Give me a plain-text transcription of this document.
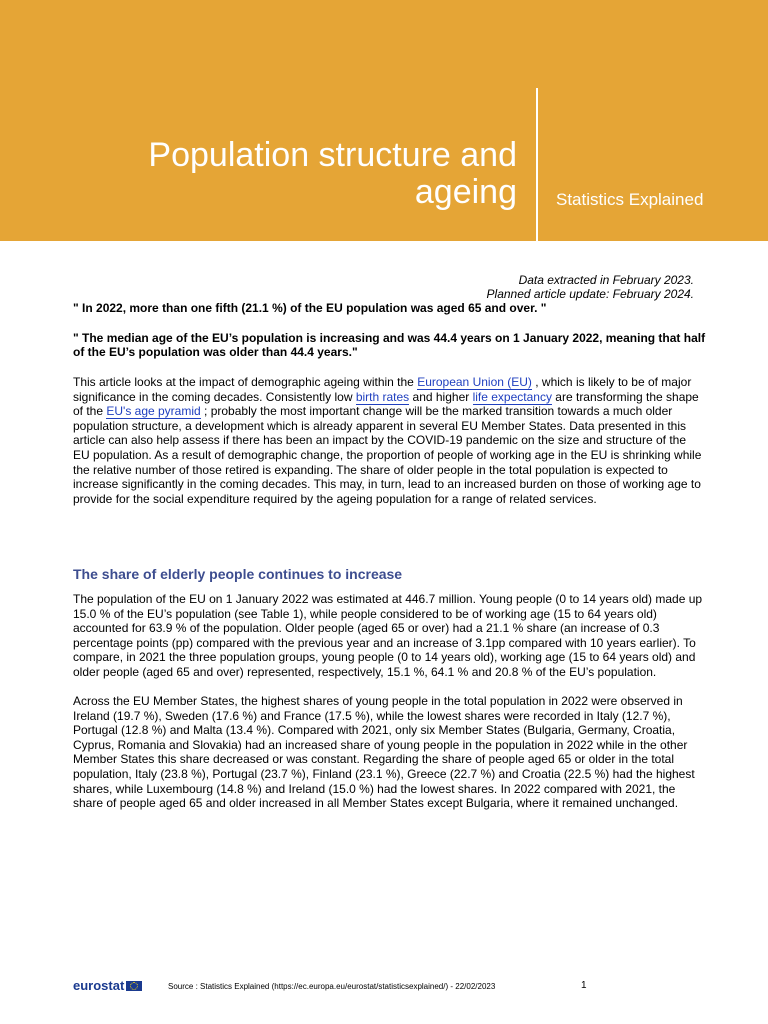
Population structure and
ageing Statistics Explained
Data extracted in February 2023.
Planned article update: February 2024.

" In 2022, more than one fifth (21.1 %) of the EU population was aged 65 and over. "

" The median age of the EU’s population is increasing and was 44.4 years on 1 January 2022, meaning that half of the EU’s population was older than 44.4 years."

This article looks at the impact of demographic ageing within the European Union (EU) , which is likely to be of major significance in the coming decades. Consistently low birth rates and higher life expectancy are transforming the shape of the EU's age pyramid ; probably the most important change will be the marked transition towards a much older population structure, a development which is already apparent in several EU Member States. Data presented in this article can also help assess if there has been an impact by the COVID-19 pandemic on the size and structure of the EU population. As a result of demographic change, the proportion of people of working age in the EU is shrinking while the relative number of those retired is expanding. The share of older people in the total population is expected to increase significantly in the coming decades. This may, in turn, lead to an increased burden on those of working age to provide for the social expenditure required by the ageing population for a range of related services.

The share of elderly people continues to increase

The population of the EU on 1 January 2022 was estimated at 446.7 million. Young people (0 to 14 years old) made up 15.0 % of the EU’s population (see Table 1), while people considered to be of working age (15 to 64 years old) accounted for 63.9 % of the population. Older people (aged 65 or over) had a 21.1 % share (an increase of 0.3 percentage points (pp) compared with the previous year and an increase of 3.1pp compared with 10 years earlier). To compare, in 2021 the three population groups, young people (0 to 14 years old), working age (15 to 64 years old) and older people (aged 65 and over) represented, respectively, 15.1 %, 64.1 % and 20.8 % of the EU’s population.

Across the EU Member States, the highest shares of young people in the total population in 2022 were observed in Ireland (19.7 %), Sweden (17.6 %) and France (17.5 %), while the lowest shares were recorded in Italy (12.7 %), Portugal (12.8 %) and Malta (13.4 %). Compared with 2021, only six Member States (Bulgaria, Germany, Croatia, Cyprus, Romania and Slovakia) had an increased share of young people in the population in 2022 while in the other Member States this share decreased or was constant. Regarding the share of people aged 65 or older in the total population, Italy (23.8 %), Portugal (23.7 %), Finland (23.1 %), Greece (22.7 %) and Croatia (22.5 %) had the highest shares, while Luxembourg (14.8 %) and Ireland (15.0 %) had the lowest shares. In 2022 compared with 2021, the share of people aged 65 and older increased in all Member States except Bulgaria, where it remained unchanged.

eurostat	Source : Statistics Explained (https://ec.europa.eu/eurostat/statisticsexplained/) - 22/02/2023	1
